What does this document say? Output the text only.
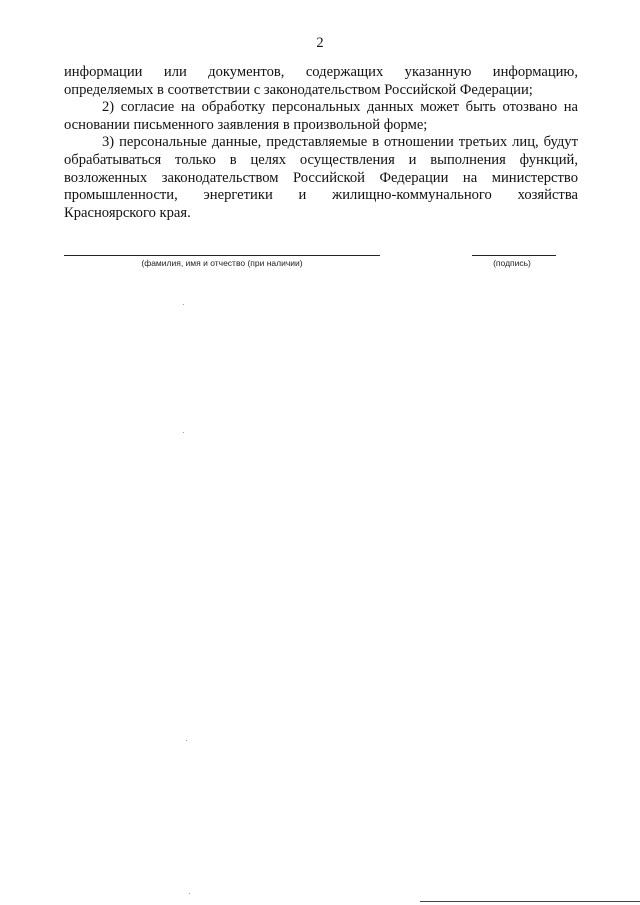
2

информации или документов, содержащих указанную информацию, определяемых в соответствии с законодательством Российской Федерации;

2) согласие на обработку персональных данных может быть отозвано на основании письменного заявления в произвольной форме;

3) персональные данные, представляемые в отношении третьих лиц, будут обрабатываться только в целях осуществления и выполнения функций, возложенных законодательством Российской Федерации на министерство промышленности, энергетики и жилищно-коммунального хозяйства Красноярского края.

(фамилия, имя и отчество (при наличии)	(подпись)
